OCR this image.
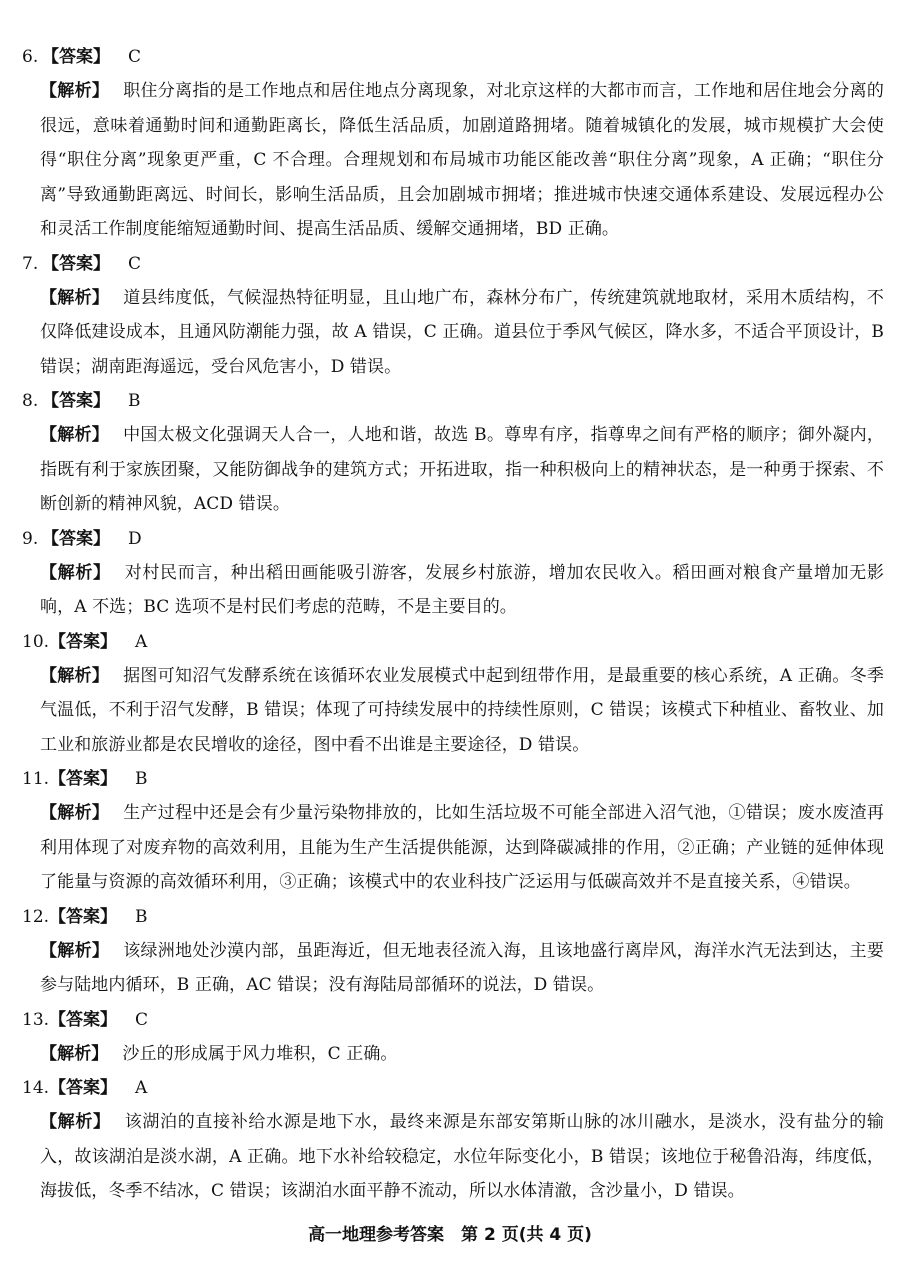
6. 【答案】 C
【解析】 职住分离指的是工作地点和居住地点分离现象，对北京这样的大都市而言，工作地和居住地会分离的很远，意味着通勤时间和通勤距离长，降低生活品质，加剧道路拥堵。随着城镇化的发展，城市规模扩大会使得“职住分离”现象更严重，C 不合理。合理规划和布局城市功能区能改善“职住分离”现象，A 正确；“职住分离”导致通勤距离远、时间长，影响生活品质，且会加剧城市拥堵；推进城市快速交通体系建设、发展远程办公和灵活工作制度能缩短通勤时间、提高生活品质、缓解交通拥堵，BD 正确。
7. 【答案】 C
【解析】 道县纬度低，气候湿热特征明显，且山地广布，森林分布广，传统建筑就地取材，采用木质结构，不仅降低建设成本，且通风防潮能力强，故 A 错误，C 正确。道县位于季风气候区，降水多，不适合平顶设计，B 错误；湖南距海遥远，受台风危害小，D 错误。
8. 【答案】 B
【解析】 中国太极文化强调天人合一，人地和谐，故选 B。尊卑有序，指尊卑之间有严格的顺序；御外凝内，指既有利于家族团聚，又能防御战争的建筑方式；开拓进取，指一种积极向上的精神状态，是一种勇于探索、不断创新的精神风貌，ACD 错误。
9. 【答案】 D
【解析】 对村民而言，种出稻田画能吸引游客，发展乡村旅游，增加农民收入。稻田画对粮食产量增加无影响，A 不选；BC 选项不是村民们考虑的范畴，不是主要目的。
10.【答案】 A
【解析】 据图可知沼气发酵系统在该循环农业发展模式中起到纽带作用，是最重要的核心系统，A 正确。冬季气温低，不利于沼气发酵，B 错误；体现了可持续发展中的持续性原则，C 错误；该模式下种植业、畜牧业、加工业和旅游业都是农民增收的途径，图中看不出谁是主要途径，D 错误。
11.【答案】 B
【解析】 生产过程中还是会有少量污染物排放的，比如生活垃圾不可能全部进入沼气池，①错误；废水废渣再利用体现了对废弃物的高效利用，且能为生产生活提供能源，达到降碳减排的作用，②正确；产业链的延伸体现了能量与资源的高效循环利用，③正确；该模式中的农业科技广泛运用与低碳高效并不是直接关系，④错误。
12.【答案】 B
【解析】 该绿洲地处沙漠内部，虽距海近，但无地表径流入海，且该地盛行离岸风，海洋水汽无法到达，主要参与陆地内循环，B 正确，AC 错误；没有海陆局部循环的说法，D 错误。
13.【答案】 C
【解析】 沙丘的形成属于风力堆积，C 正确。
14.【答案】 A
【解析】 该湖泊的直接补给水源是地下水，最终来源是东部安第斯山脉的冰川融水，是淡水，没有盐分的输入，故该湖泊是淡水湖，A 正确。地下水补给较稳定，水位年际变化小，B 错误；该地位于秘鲁沿海，纬度低，海拔低，冬季不结冰，C 错误；该湖泊水面平静不流动，所以水体清澈，含沙量小，D 错误。
高一地理参考答案　第 2 页(共 4 页)
